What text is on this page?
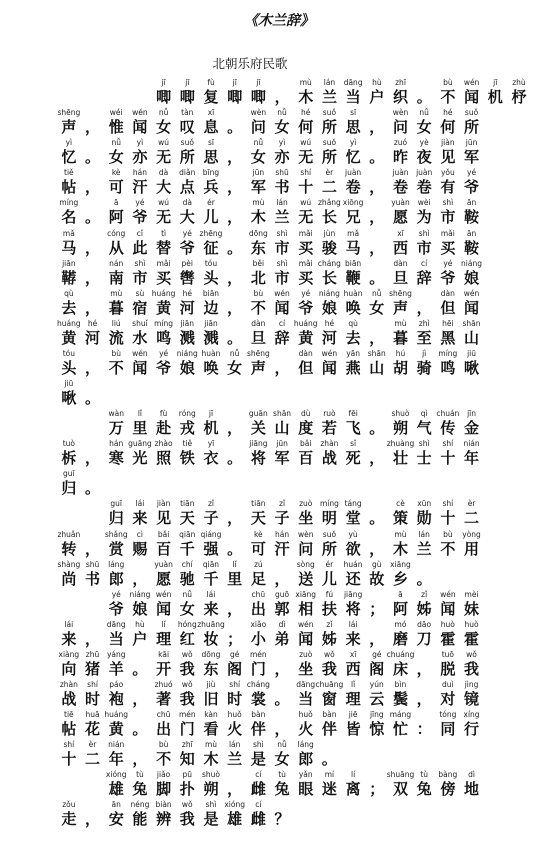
《木兰辞》
北朝乐府民歌
jī
唧
jī
唧
fù
复
jī
唧
jī
唧 ，
mù
木
lán
兰
dāng
当
hù
户
zhī
织 。
bù
不
wén
闻
jī
机
zhù
杼
shēng
声 ，
wéi
惟
wén
闻
nǚ
女
tàn
叹
xī
息 。
wèn
问
nǚ
女
hé
何
suǒ
所
sī
思 ，
wèn
问
nǚ
女
hé
何
suǒ
所
yì
忆 。
nǚ
女
yì
亦
wú
无
suǒ
所
sī
思 ，
nǚ
女
yì
亦
wú
无
suǒ
所
yì
忆 。
zuó
昨
yè
夜
jiàn
见
jūn
军
tiě
帖 ，
kè
可
hán
汗
dà
大
diǎn
点
bīng
兵 ，
jūn
军
shū
书
shí
十
èr
二
juàn
卷 ，
juàn
卷
juàn
卷
yǒu
有
yé
爷
míng
名 。
ā
阿
yé
爷
wú
无
dà
大
ér
儿 ，
mù
木
lán
兰
wú
无
zhǎng
长
xiōng
兄 ，
yuàn
愿
wèi
为
shì
市
ān
鞍
mǎ
马 ，
cóng
从
cǐ
此
tì
替
yé
爷
zhēng
征 。
dōng
东
shì
市
mǎi
买
jùn
骏
mǎ
马 ，
xī
西
shì
市
mǎi
买
ān
鞍
jiān
鞯 ，
nán
南
shì
市
mǎi
买
pèi
辔
tóu
头 ，
běi
北
shì
市
mǎi
买
cháng
长
biān
鞭 。
dàn
旦
cí
辞
yé
爷
niáng
娘
qù
去 ，
mù
暮
sù
宿
huáng
黄
hé
河
biān
边 ，
bù
不
wén
闻
yé
爷
niáng
娘
huàn
唤
nǚ
女
shēng
声 ，
dàn
但
wén
闻
huáng
黄
hé
河
liú
流
shuǐ
水
míng
鸣
jiān
溅
jiān
溅 。
dàn
旦
cí
辞
huáng
黄
hé
河
qù
去 ，
mù
暮
zhì
至
hēi
黑
shān
山
tóu
头 ，
bù
不
wén
闻
yé
爷
niáng
娘
huàn
唤
nǚ
女
shēng
声 ，
dàn
但
wén
闻
yān
燕
shān
山
hú
胡
jì
骑
míng
鸣
jiū
啾
jiū
啾 。
wàn
万
lǐ
里
fù
赴
róng
戎
jī
机 ，
guān
关
shān
山
dù
度
ruò
若
fēi
飞 。
shuò
朔
qì
气
chuán
传
jīn
金
tuò
柝 ，
hán
寒
guāng
光
zhào
照
tiě
铁
yī
衣 。
jiāng
将
jūn
军
bǎi
百
zhàn
战
sǐ
死 ，
zhuàng
壮
shì
士
shí
十
nián
年
guī
归 。
guī
归
lái
来
jiàn
见
tiān
天
zǐ
子 ，
tiān
天
zǐ
子
zuò
坐
míng
明
táng
堂 。
cè
策
xūn
勋
shí
十
èr
二
zhuǎn
转 ，
shǎng
赏
cì
赐
bǎi
百
qiān
千
qiáng
强 。
kè
可
hán
汗
wèn
问
suǒ
所
yù
欲 ，
mù
木
lán
兰
bù
不
yòng
用
shàng
尚
shū
书
láng
郎 ，
yuàn
愿
chí
驰
qiān
千
lǐ
里
zú
足 ，
sòng
送
ér
儿
huán
还
gù
故
xiāng
乡 。
yé
爷
niáng
娘
wén
闻
nǚ
女
lái
来 ，
chū
出
guō
郭
xiāng
相
fú
扶
jiāng
将 ；
ā
阿
zǐ
姊
wén
闻
mèi
妹
lái
来 ，
dāng
当
hù
户
lǐ
理
hóng
红
zhuāng
妆 ；
xiǎo
小
dì
弟
wén
闻
zǐ
姊
lái
来 ，
mó
磨
dāo
刀
huò
霍
huò
霍
xiàng
向
zhū
猪
yáng
羊 。
kāi
开
wǒ
我
dōng
东
gé
阁
mén
门 ，
zuò
坐
wǒ
我
xī
西
gé
阁
chuáng
床 ，
tuō
脱
wǒ
我
zhàn
战
shí
时
páo
袍 ，
zhuó
著
wǒ
我
jiù
旧
shí
时
cháng
裳 。
dāng
当
chuāng
窗
lǐ
理
yún
云
bìn
鬓 ，
duì
对
jìng
镜
tiē
帖
huā
花
huáng
黄 。
chū
出
mén
门
kàn
看
huǒ
火
bàn
伴 ，
huǒ
火
bàn
伴
jiē
皆
jīng
惊
máng
忙 ：
tóng
同
xíng
行
shí
十
èr
二
nián
年 ，
bù
不
zhī
知
mù
木
lán
兰
shì
是
nǚ
女
láng
郎 。
xióng
雄
tù
兔
jiǎo
脚
pū
扑
shuò
朔 ，
cí
雌
tù
兔
yǎn
眼
mí
迷
lí
离 ；
shuāng
双
tù
兔
bàng
傍
dì
地
zǒu
走 ，
ān
安
néng
能
biàn
辨
wǒ
我
shì
是
xióng
雄
cí
雌 ？
